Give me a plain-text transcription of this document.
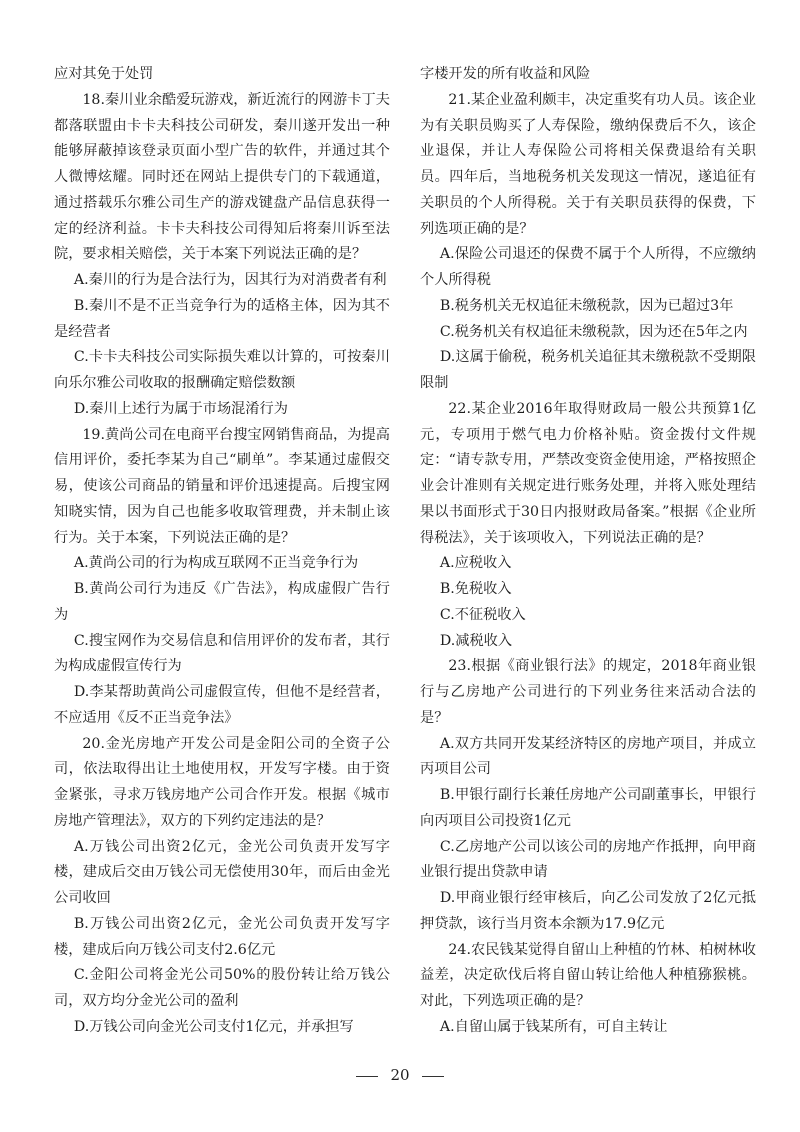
应对其免于处罚

18.秦川业余酷爱玩游戏，新近流行的网游卡丁夫都落联盟由卡卡夫科技公司研发，秦川遂开发出一种能够屏蔽掉该登录页面小型广告的软件，并通过其个人微博炫耀。同时还在网站上提供专门的下载通道，通过搭载乐尔雅公司生产的游戏键盘产品信息获得一定的经济利益。卡卡夫科技公司得知后将秦川诉至法院，要求相关赔偿，关于本案下列说法正确的是？

A.秦川的行为是合法行为，因其行为对消费者有利

B.秦川不是不正当竞争行为的适格主体，因为其不是经营者

C.卡卡夫科技公司实际损失难以计算的，可按秦川向乐尔雅公司收取的报酬确定赔偿数额

D.秦川上述行为属于市场混淆行为

19.黄尚公司在电商平台搜宝网销售商品，为提高信用评价，委托李某为自己“刷单”。李某通过虚假交易，使该公司商品的销量和评价迅速提高。后搜宝网知晓实情，因为自己也能多收取管理费，并未制止该行为。关于本案，下列说法正确的是？

A.黄尚公司的行为构成互联网不正当竞争行为

B.黄尚公司行为违反《广告法》，构成虚假广告行为

C.搜宝网作为交易信息和信用评价的发布者，其行为构成虚假宣传行为

D.李某帮助黄尚公司虚假宣传，但他不是经营者，不应适用《反不正当竞争法》

20.金光房地产开发公司是金阳公司的全资子公司，依法取得出让土地使用权，开发写字楼。由于资金紧张，寻求万钱房地产公司合作开发。根据《城市房地产管理法》，双方的下列约定违法的是？

A.万钱公司出资2亿元，金光公司负责开发写字楼，建成后交由万钱公司无偿使用30年，而后由金光公司收回

B.万钱公司出资2亿元，金光公司负责开发写字楼，建成后向万钱公司支付2.6亿元

C.金阳公司将金光公司50%的股份转让给万钱公司，双方均分金光公司的盈利

D.万钱公司向金光公司支付1亿元，并承担写

字楼开发的所有收益和风险

21.某企业盈利颇丰，决定重奖有功人员。该企业为有关职员购买了人寿保险，缴纳保费后不久，该企业退保，并让人寿保险公司将相关保费退给有关职员。四年后，当地税务机关发现这一情况，遂追征有关职员的个人所得税。关于有关职员获得的保费，下列选项正确的是？

A.保险公司退还的保费不属于个人所得，不应缴纳个人所得税

B.税务机关无权追征未缴税款，因为已超过3年

C.税务机关有权追征未缴税款，因为还在5年之内

D.这属于偷税，税务机关追征其未缴税款不受期限限制

22.某企业2016年取得财政局一般公共预算1亿元，专项用于燃气电力价格补贴。资金拨付文件规定：“请专款专用，严禁改变资金使用途，严格按照企业会计准则有关规定进行账务处理，并将入账处理结果以书面形式于30日内报财政局备案。”根据《企业所得税法》，关于该项收入，下列说法正确的是？

A.应税收入

B.免税收入

C.不征税收入

D.减税收入

23.根据《商业银行法》的规定，2018年商业银行与乙房地产公司进行的下列业务往来活动合法的是？

A.双方共同开发某经济特区的房地产项目，并成立丙项目公司

B.甲银行副行长兼任房地产公司副董事长，甲银行向丙项目公司投资1亿元

C.乙房地产公司以该公司的房地产作抵押，向甲商业银行提出贷款申请

D.甲商业银行经审核后，向乙公司发放了2亿元抵押贷款，该行当月资本余额为17.9亿元

24.农民钱某觉得自留山上种植的竹林、柏树林收益差，决定砍伐后将自留山转让给他人种植猕猴桃。对此，下列选项正确的是？

A.自留山属于钱某所有，可自主转让

20
